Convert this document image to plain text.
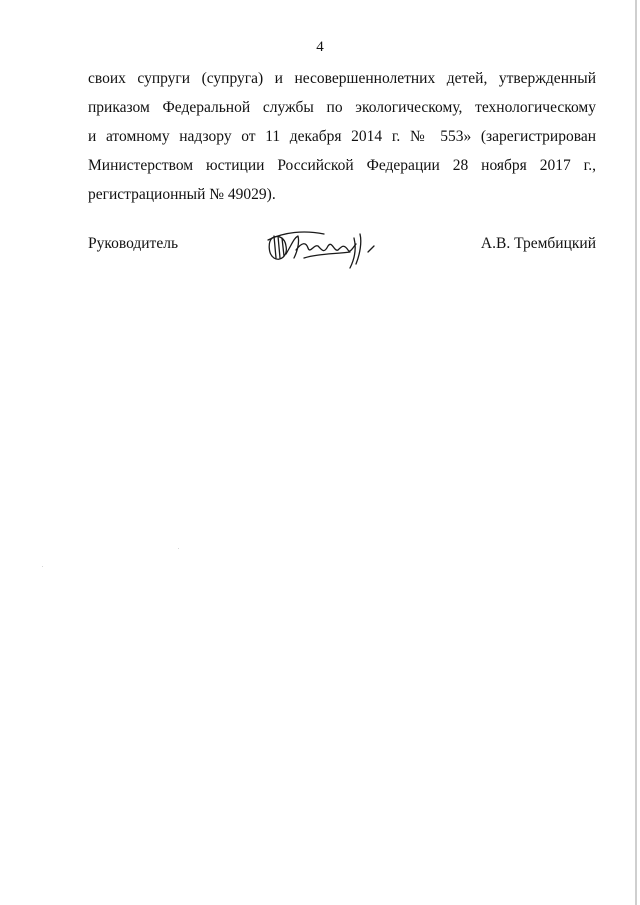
4
своих супруги (супруга) и несовершеннолетних детей, утвержденный
приказом Федеральной службы по экологическому, технологическому
и атомному надзору от 11 декабря 2014 г. № 553» (зарегистрирован
Министерством юстиции Российской Федерации 28 ноября 2017 г.,
регистрационный № 49029).
Руководитель	А.В. Трембицкий
